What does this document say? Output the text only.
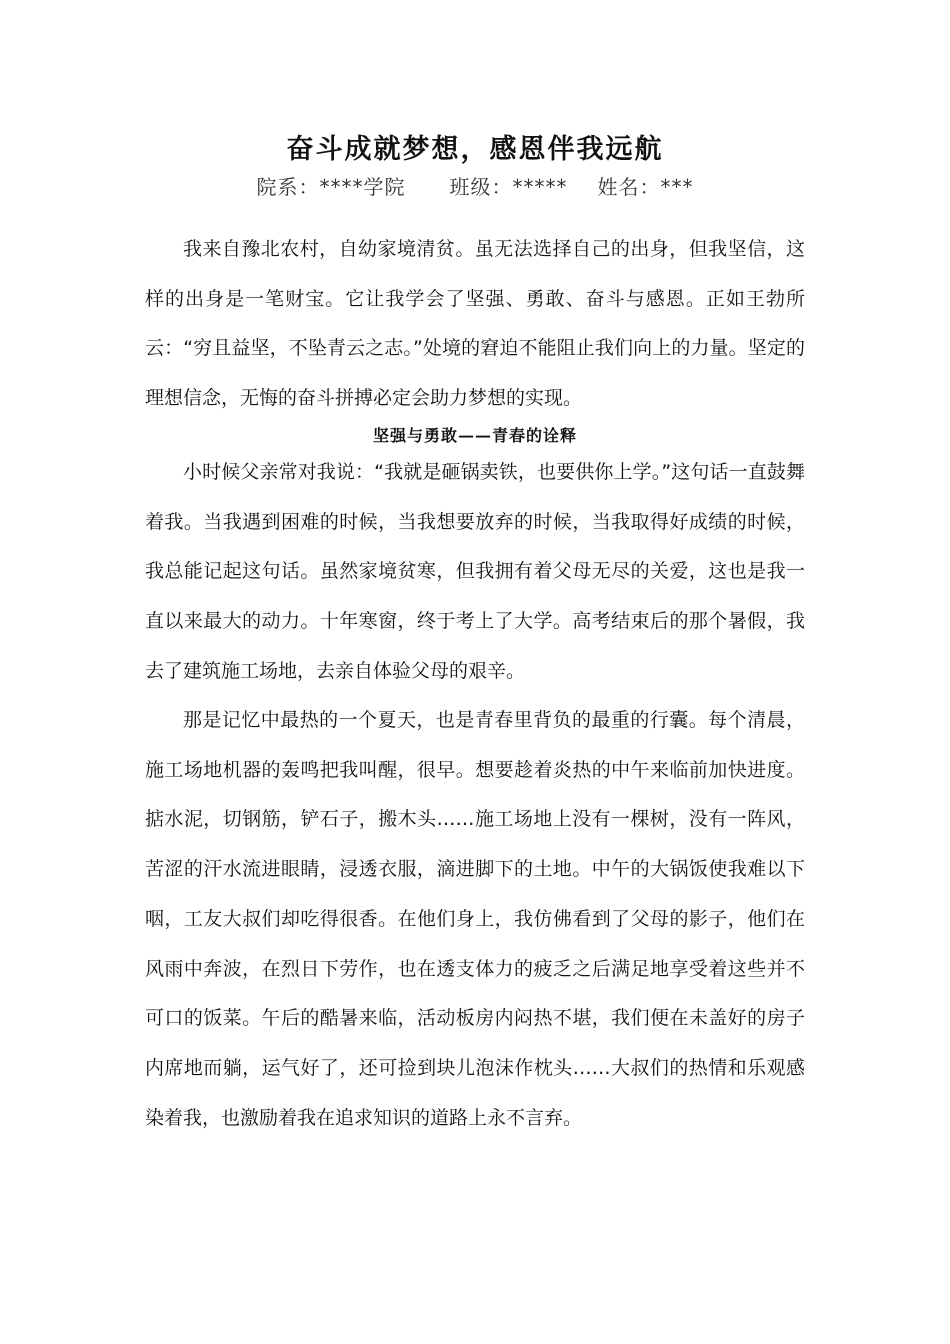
奋斗成就梦想，感恩伴我远航
院系：****学院 班级：***** 姓名：***

我来自豫北农村，自幼家境清贫。虽无法选择自己的出身，但我坚信，这样的出身是一笔财宝。它让我学会了坚强、勇敢、奋斗与感恩。正如王勃所云：“穷且益坚，不坠青云之志。”处境的窘迫不能阻止我们向上的力量。坚定的理想信念，无悔的奋斗拼搏必定会助力梦想的实现。

坚强与勇敢——青春的诠释

小时候父亲常对我说：“我就是砸锅卖铁，也要供你上学。”这句话一直鼓舞着我。当我遇到困难的时候，当我想要放弃的时候，当我取得好成绩的时候，我总能记起这句话。虽然家境贫寒，但我拥有着父母无尽的关爱，这也是我一直以来最大的动力。十年寒窗，终于考上了大学。高考结束后的那个暑假，我去了建筑施工场地，去亲自体验父母的艰辛。

那是记忆中最热的一个夏天，也是青春里背负的最重的行囊。每个清晨，施工场地机器的轰鸣把我叫醒，很早。想要趁着炎热的中午来临前加快进度。掂水泥，切钢筋，铲石子，搬木头……施工场地上没有一棵树，没有一阵风，苦涩的汗水流进眼睛，浸透衣服，滴进脚下的土地。中午的大锅饭使我难以下咽，工友大叔们却吃得很香。在他们身上，我仿佛看到了父母的影子，他们在风雨中奔波，在烈日下劳作，也在透支体力的疲乏之后满足地享受着这些并不可口的饭菜。午后的酷暑来临，活动板房内闷热不堪，我们便在未盖好的房子内席地而躺，运气好了，还可捡到块儿泡沫作枕头……大叔们的热情和乐观感染着我，也激励着我在追求知识的道路上永不言弃。
